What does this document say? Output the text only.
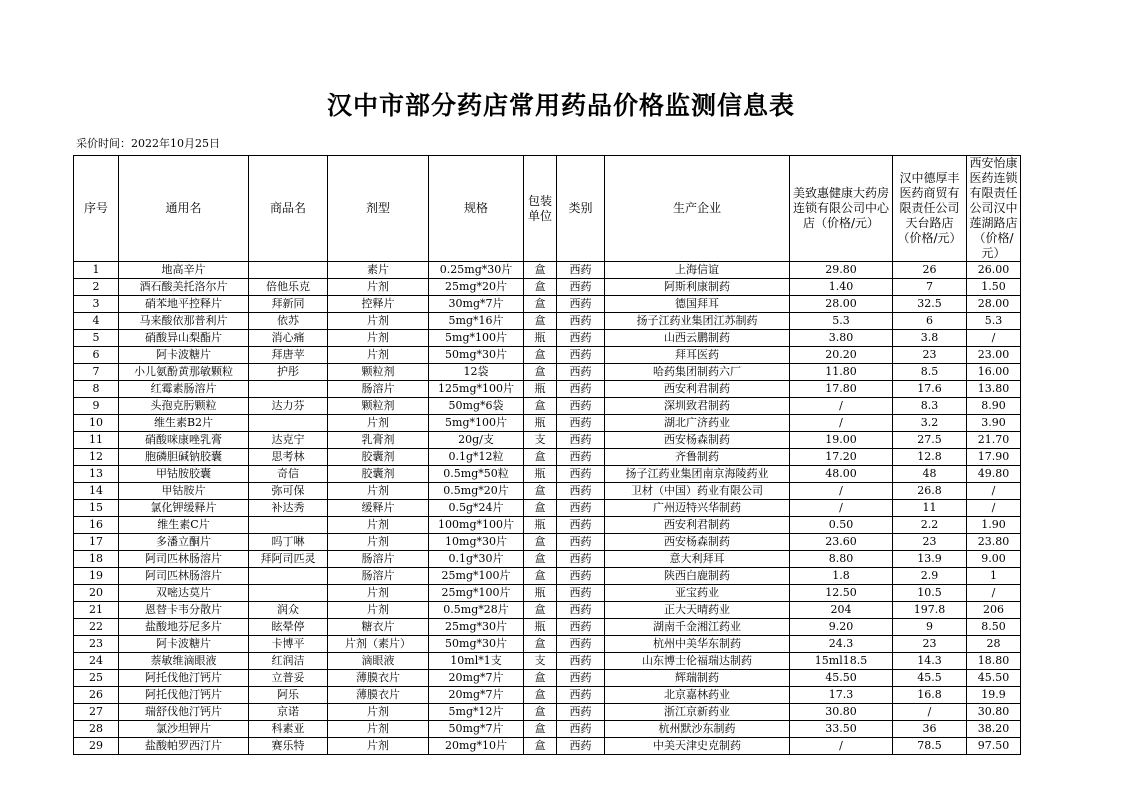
汉中市部分药店常用药品价格监测信息表
采价时间：2022年10月25日
序号	通用名	商品名	剂型	规格	包装单位	类别	生产企业	美致惠健康大药房连锁有限公司中心店（价格/元）	汉中德厚丰医药商贸有限责任公司天台路店（价格/元）	西安怡康医药连锁有限责任公司汉中莲湖路店（价格/元）
1	地高辛片		素片	0.25mg*30片	盒	西药	上海信谊	29.80	26	26.00
2	酒石酸美托洛尔片	倍他乐克	片剂	25mg*20片	盒	西药	阿斯利康制药	1.40	7	1.50
3	硝苯地平控释片	拜新同	控释片	30mg*7片	盒	西药	德国拜耳	28.00	32.5	28.00
4	马来酸依那普利片	依苏	片剂	5mg*16片	盒	西药	扬子江药业集团江苏制药	5.3	6	5.3
5	硝酸异山梨酯片	消心痛	片剂	5mg*100片	瓶	西药	山西云鹏制药	3.80	3.8	/
6	阿卡波糖片	拜唐苹	片剂	50mg*30片	盒	西药	拜耳医药	20.20	23	23.00
7	小儿氨酚黄那敏颗粒	护彤	颗粒剂	12袋	盒	西药	哈药集团制药六厂	11.80	8.5	16.00
8	红霉素肠溶片		肠溶片	125mg*100片	瓶	西药	西安利君制药	17.80	17.6	13.80
9	头孢克肟颗粒	达力芬	颗粒剂	50mg*6袋	盒	西药	深圳致君制药	/	8.3	8.90
10	维生素B2片		片剂	5mg*100片	瓶	西药	湖北广济药业	/	3.2	3.90
11	硝酸咪康唑乳膏	达克宁	乳膏剂	20g/支	支	西药	西安杨森制药	19.00	27.5	21.70
12	胞磷胆碱钠胶囊	思考林	胶囊剂	0.1g*12粒	盒	西药	齐鲁制药	17.20	12.8	17.90
13	甲钴胺胶囊	奇信	胶囊剂	0.5mg*50粒	瓶	西药	扬子江药业集团南京海陵药业	48.00	48	49.80
14	甲钴胺片	弥可保	片剂	0.5mg*20片	盒	西药	卫材（中国）药业有限公司	/	26.8	/
15	氯化钾缓释片	补达秀	缓释片	0.5g*24片	盒	西药	广州迈特兴华制药	/	11	/
16	维生素C片		片剂	100mg*100片	瓶	西药	西安利君制药	0.50	2.2	1.90
17	多潘立酮片	吗丁啉	片剂	10mg*30片	盒	西药	西安杨森制药	23.60	23	23.80
18	阿司匹林肠溶片	拜阿司匹灵	肠溶片	0.1g*30片	盒	西药	意大利拜耳	8.80	13.9	9.00
19	阿司匹林肠溶片		肠溶片	25mg*100片	盒	西药	陕西白鹿制药	1.8	2.9	1
20	双嘧达莫片		片剂	25mg*100片	瓶	西药	亚宝药业	12.50	10.5	/
21	恩替卡韦分散片	润众	片剂	0.5mg*28片	盒	西药	正大天晴药业	204	197.8	206
22	盐酸地芬尼多片	眩晕停	糖衣片	25mg*30片	瓶	西药	湖南千金湘江药业	9.20	9	8.50
23	阿卡波糖片	卡博平	片剂（素片）	50mg*30片	盒	西药	杭州中美华东制药	24.3	23	28
24	萘敏维滴眼液	红润洁	滴眼液	10ml*1支	支	西药	山东博士伦福瑞达制药	15ml18.5	14.3	18.80
25	阿托伐他汀钙片	立普妥	薄膜衣片	20mg*7片	盒	西药	辉瑞制药	45.50	45.5	45.50
26	阿托伐他汀钙片	阿乐	薄膜衣片	20mg*7片	盒	西药	北京嘉林药业	17.3	16.8	19.9
27	瑞舒伐他汀钙片	京诺	片剂	5mg*12片	盒	西药	浙江京新药业	30.80	/	30.80
28	氯沙坦钾片	科素亚	片剂	50mg*7片	盒	西药	杭州默沙东制药	33.50	36	38.20
29	盐酸帕罗西汀片	赛乐特	片剂	20mg*10片	盒	西药	中美天津史克制药	/	78.5	97.50
